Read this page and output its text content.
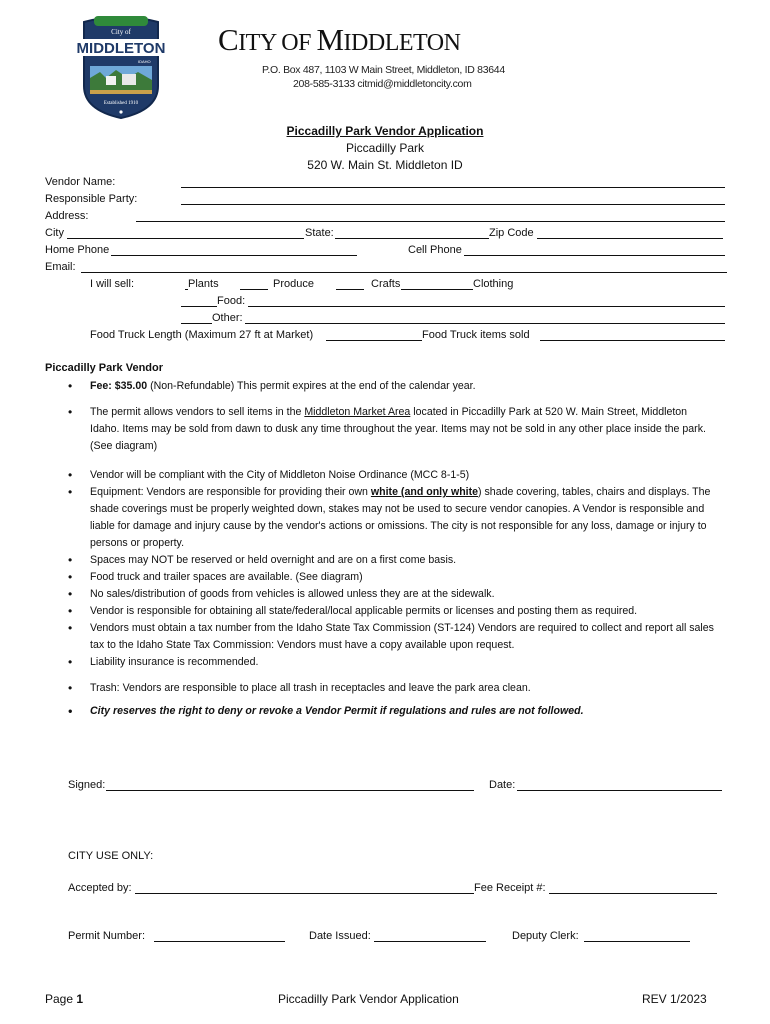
City of
MIDDLETON
IDAHO
Established 1910
CITY OF MIDDLETON
P.O. Box 487, 1103 W Main Street, Middleton, ID 83644
208-585-3133 citmid@middletoncity.com
Piccadilly Park Vendor Application
Piccadilly Park
520 W. Main St. Middleton ID
Vendor Name:
Responsible Party:
Address:
City	State:	Zip Code
Home Phone	Cell Phone
Email:
I will sell:	Plants	Produce	Crafts	Clothing
Food:
Other:
Food Truck Length (Maximum 27 ft at Market)	Food Truck items sold
Piccadilly Park Vendor
• Fee: $35.00 (Non-Refundable) This permit expires at the end of the calendar year.
• The permit allows vendors to sell items in the Middleton Market Area located in Piccadilly Park at 520 W. Main Street, Middleton Idaho. Items may be sold from dawn to dusk any time throughout the year. Items may not be sold in any other place inside the park. (See diagram)
• Vendor will be compliant with the City of Middleton Noise Ordinance (MCC 8-1-5)
• Equipment: Vendors are responsible for providing their own white (and only white) shade covering, tables, chairs and displays. The shade coverings must be properly weighted down, stakes may not be used to secure vendor canopies. A Vendor is responsible and liable for damage and injury cause by the vendor's actions or omissions. The city is not responsible for any loss, damage or injury to persons or property.
• Spaces may NOT be reserved or held overnight and are on a first come basis.
• Food truck and trailer spaces are available. (See diagram)
• No sales/distribution of goods from vehicles is allowed unless they are at the sidewalk.
• Vendor is responsible for obtaining all state/federal/local applicable permits or licenses and posting them as required.
• Vendors must obtain a tax number from the Idaho State Tax Commission (ST-124) Vendors are required to collect and report all sales tax to the Idaho State Tax Commission: Vendors must have a copy available upon request.
• Liability insurance is recommended.
• Trash: Vendors are responsible to place all trash in receptacles and leave the park area clean.
• City reserves the right to deny or revoke a Vendor Permit if regulations and rules are not followed.
Signed:	Date:
CITY USE ONLY:
Accepted by:	Fee Receipt #:
Permit Number:	Date Issued:	Deputy Clerk:
Page 1	Piccadilly Park Vendor Application	REV 1/2023
